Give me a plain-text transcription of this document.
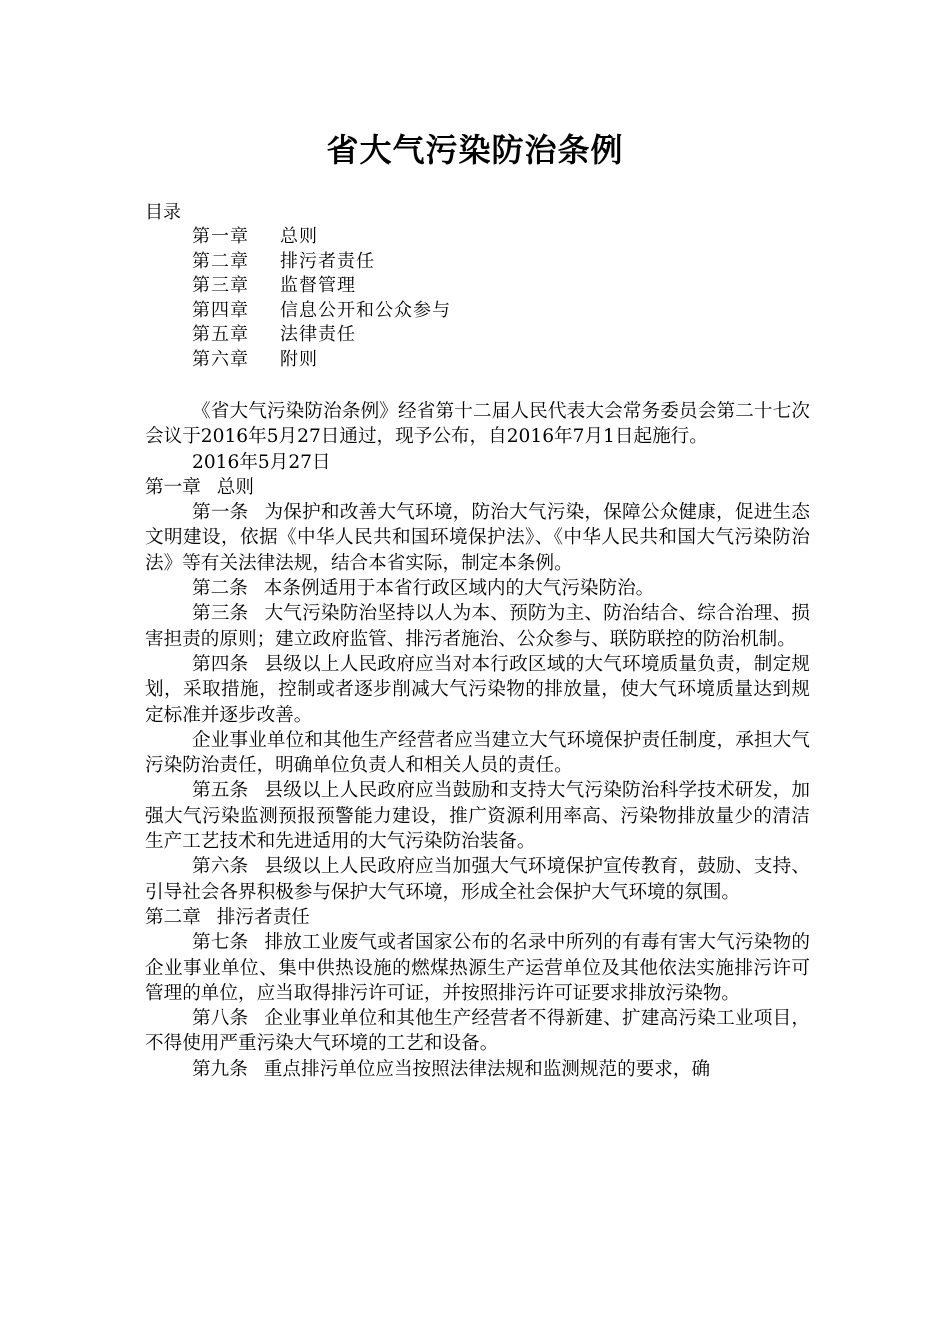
省大气污染防治条例
目录
第一章 总则
第二章 排污者责任
第三章 监督管理
第四章 信息公开和公众参与
第五章 法律责任
第六章 附则

《省大气污染防治条例》经省第十二届人民代表大会常务委员会第二十七次会议于2016年5月27日通过，现予公布，自2016年7月1日起施行。

2016年5月27日

第一章 总则

第一条 为保护和改善大气环境，防治大气污染，保障公众健康，促进生态文明建设，依据《中华人民共和国环境保护法》、《中华人民共和国大气污染防治法》等有关法律法规，结合本省实际，制定本条例。

第二条 本条例适用于本省行政区域内的大气污染防治。

第三条 大气污染防治坚持以人为本、预防为主、防治结合、综合治理、损害担责的原则；建立政府监管、排污者施治、公众参与、联防联控的防治机制。

第四条 县级以上人民政府应当对本行政区域的大气环境质量负责，制定规划，采取措施，控制或者逐步削减大气污染物的排放量，使大气环境质量达到规定标准并逐步改善。

企业事业单位和其他生产经营者应当建立大气环境保护责任制度，承担大气污染防治责任，明确单位负责人和相关人员的责任。

第五条 县级以上人民政府应当鼓励和支持大气污染防治科学技术研发，加强大气污染监测预报预警能力建设，推广资源利用率高、污染物排放量少的清洁生产工艺技术和先进适用的大气污染防治装备。

第六条 县级以上人民政府应当加强大气环境保护宣传教育，鼓励、支持、引导社会各界积极参与保护大气环境，形成全社会保护大气环境的氛围。

第二章 排污者责任

第七条 排放工业废气或者国家公布的名录中所列的有毒有害大气污染物的企业事业单位、集中供热设施的燃煤热源生产运营单位及其他依法实施排污许可管理的单位，应当取得排污许可证，并按照排污许可证要求排放污染物。

第八条 企业事业单位和其他生产经营者不得新建、扩建高污染工业项目，不得使用严重污染大气环境的工艺和设备。

第九条 重点排污单位应当按照法律法规和监测规范的要求，确
